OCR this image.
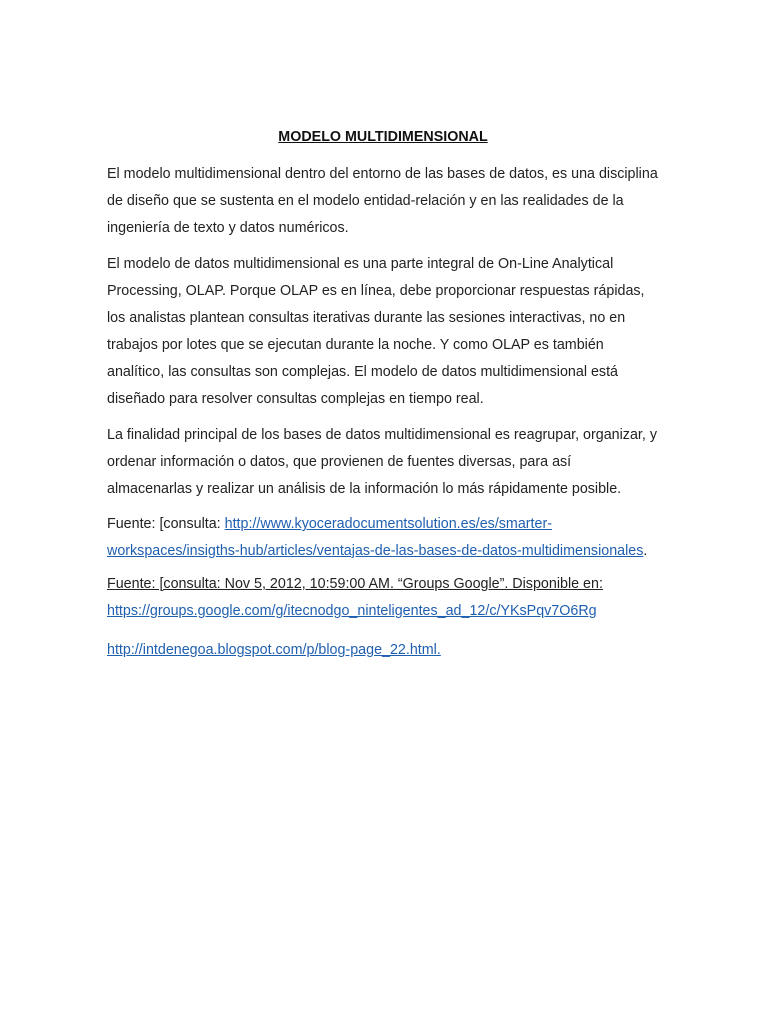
MODELO MULTIDIMENSIONAL

El modelo multidimensional dentro del entorno de las bases de datos, es una disciplina de diseño que se sustenta en el modelo entidad-relación y en las realidades de la ingeniería de texto y datos numéricos.

El modelo de datos multidimensional es una parte integral de On-Line Analytical Processing, OLAP. Porque OLAP es en línea, debe proporcionar respuestas rápidas, los analistas plantean consultas iterativas durante las sesiones interactivas, no en trabajos por lotes que se ejecutan durante la noche. Y como OLAP es también analítico, las consultas son complejas. El modelo de datos multidimensional está diseñado para resolver consultas complejas en tiempo real.

La finalidad principal de los bases de datos multidimensional es reagrupar, organizar, y ordenar información o datos, que provienen de fuentes diversas, para así almacenarlas y realizar un análisis de la información lo más rápidamente posible.

Fuente: [consulta: http://www.kyoceradocumentsolution.es/es/smarter-workspaces/insigths-hub/articles/ventajas-de-las-bases-de-datos-multidimensionales.

Fuente: [consulta: Nov 5, 2012, 10:59:00 AM. “Groups Google”. Disponible en: https://groups.google.com/g/itecnodgo_ninteligentes_ad_12/c/YKsPqv7O6Rg

http://intdenegoa.blogspot.com/p/blog-page_22.html.
